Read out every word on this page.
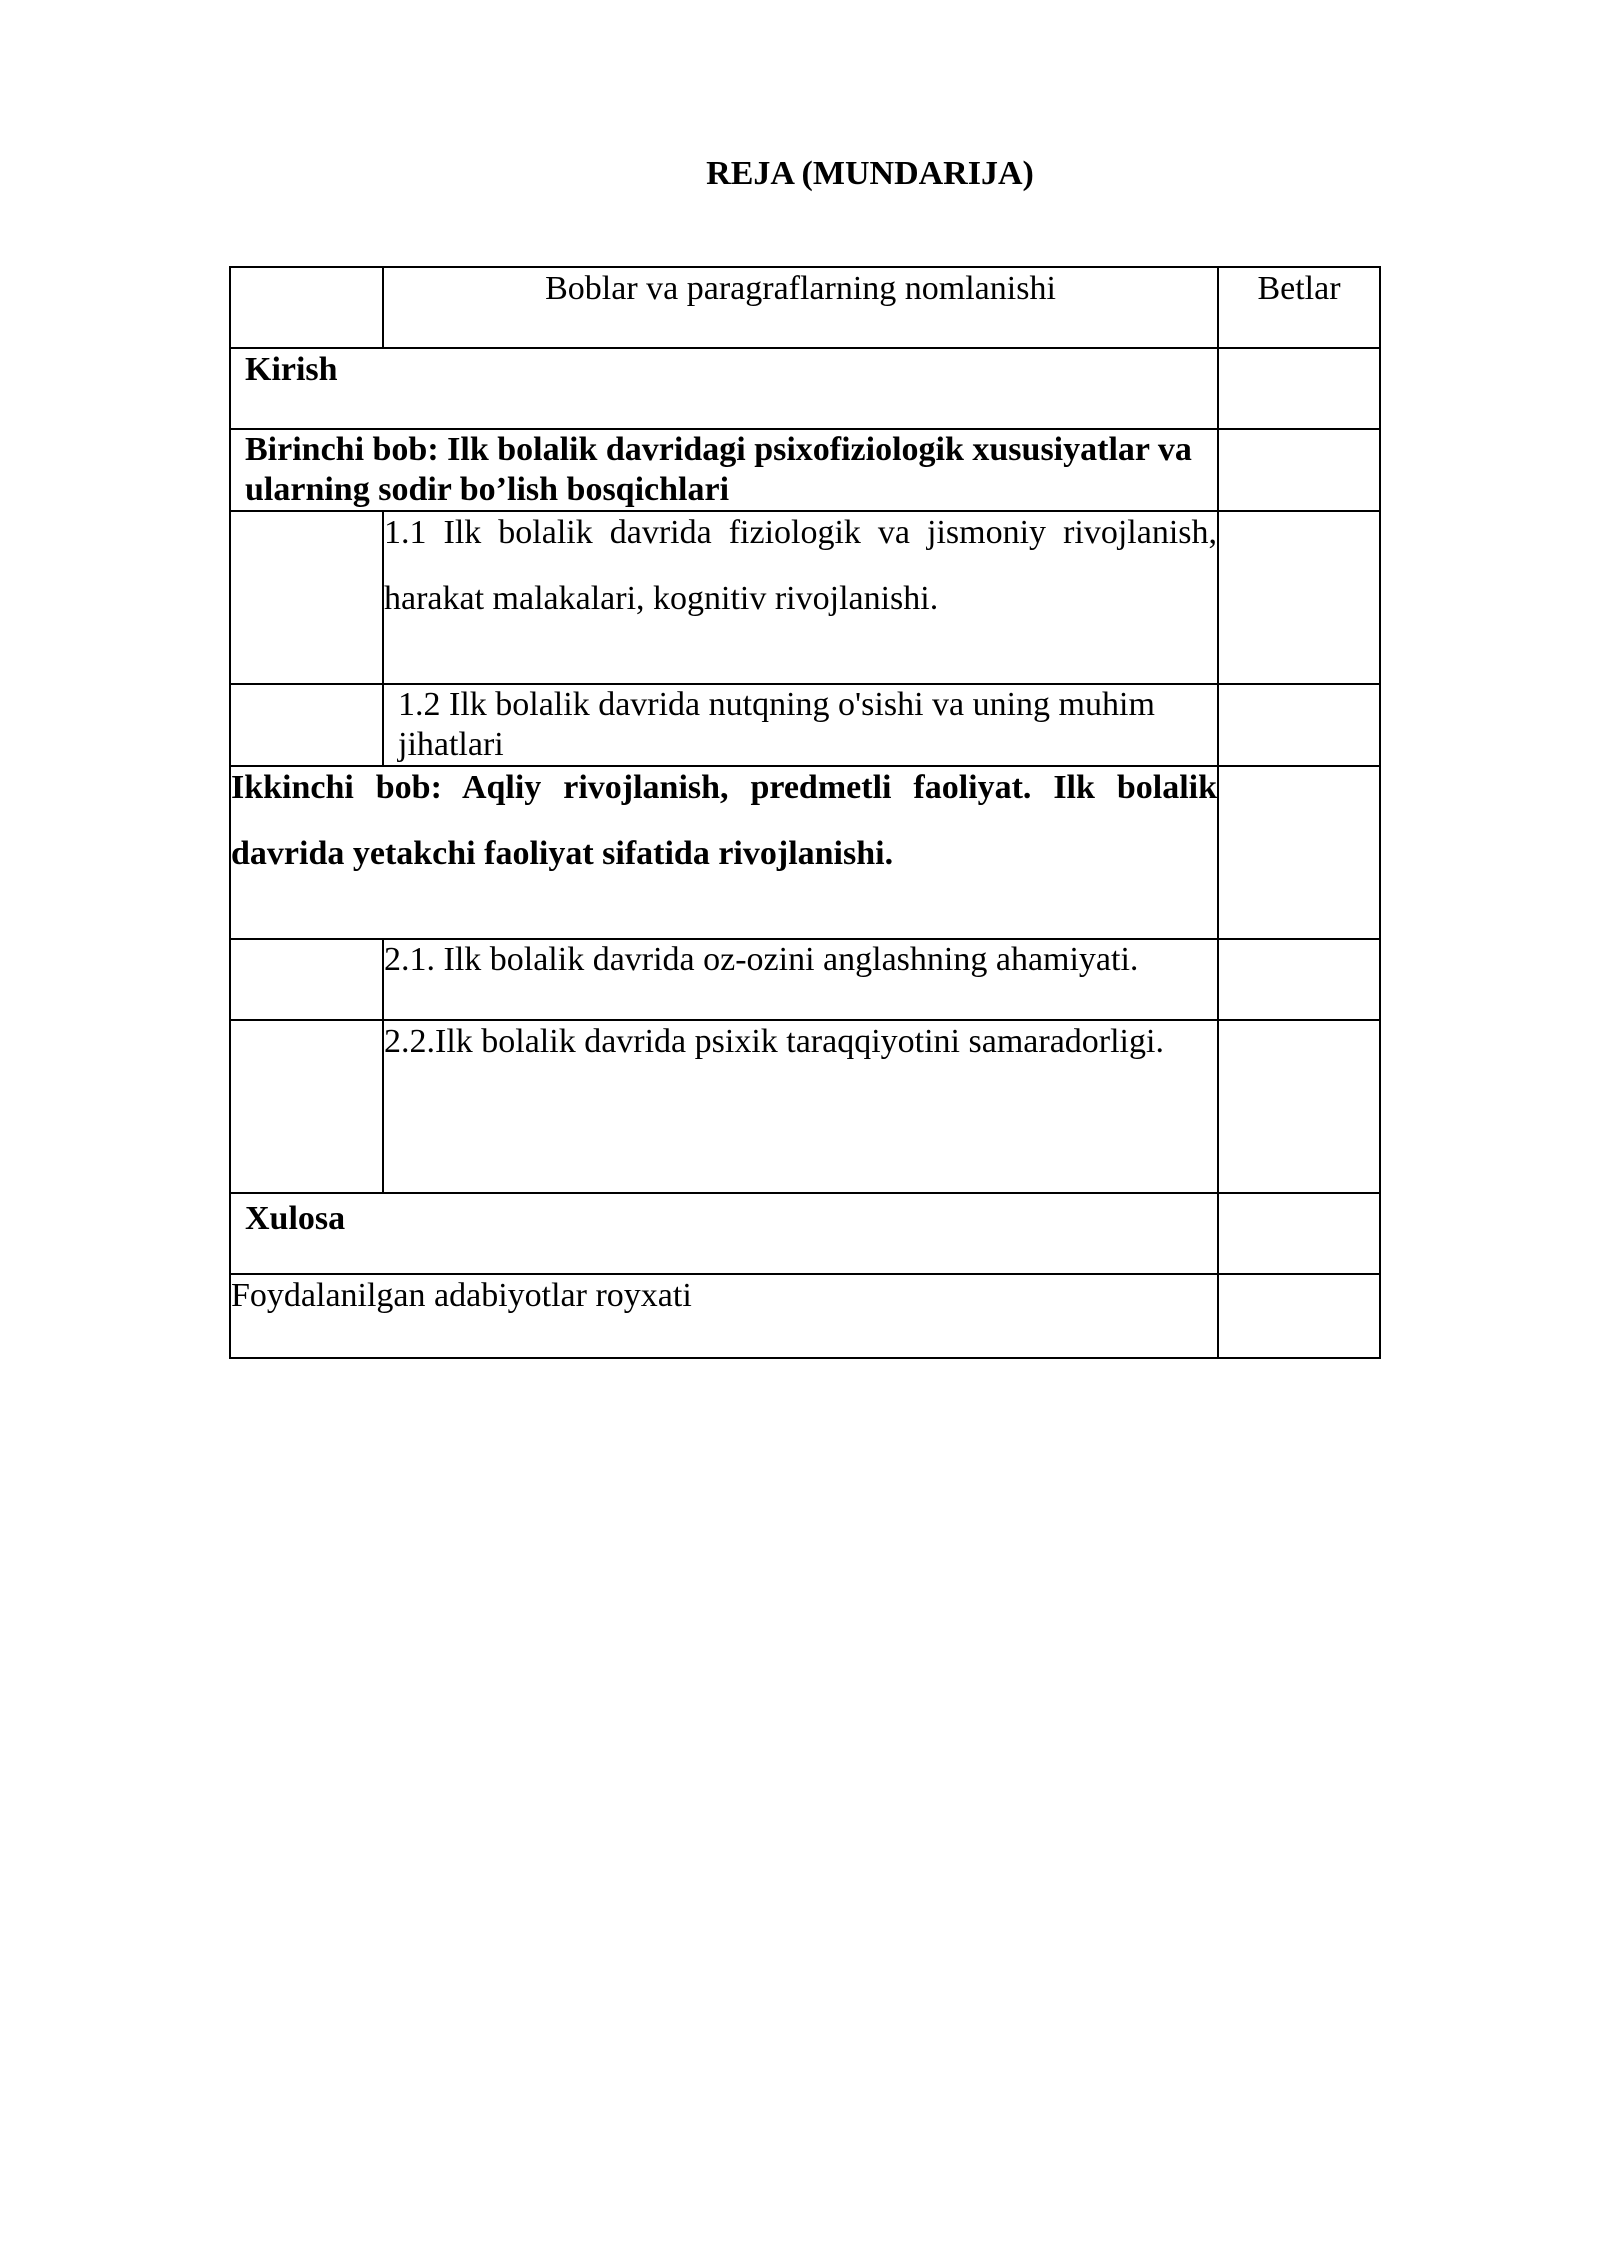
REJA (MUNDARIJA)

	Boblar va paragraflarning nomlanishi	Betlar

Kirish		

Birinchi bob: Ilk bolalik davridagi psixofiziologik xususiyatlar va ularning sodir bo’lish bosqichlari		

	1.1 Ilk bolalik davrida fiziologik va jismoniy rivojlanish, harakat malakalari, kognitiv rivojlanishi.	

	1.2 Ilk bolalik davrida nutqning o'sishi va uning muhim jihatlari	

Ikkinchi bob: Aqliy rivojlanish, predmetli faoliyat. Ilk bolalik davrida yetakchi faoliyat sifatida rivojlanishi.		

	2.1. Ilk bolalik davrida oz-ozini anglashning ahamiyati.	

	2.2.Ilk bolalik davrida psixik taraqqiyotini samaradorligi.	

Xulosa		

Foydalanilgan adabiyotlar royxati		
